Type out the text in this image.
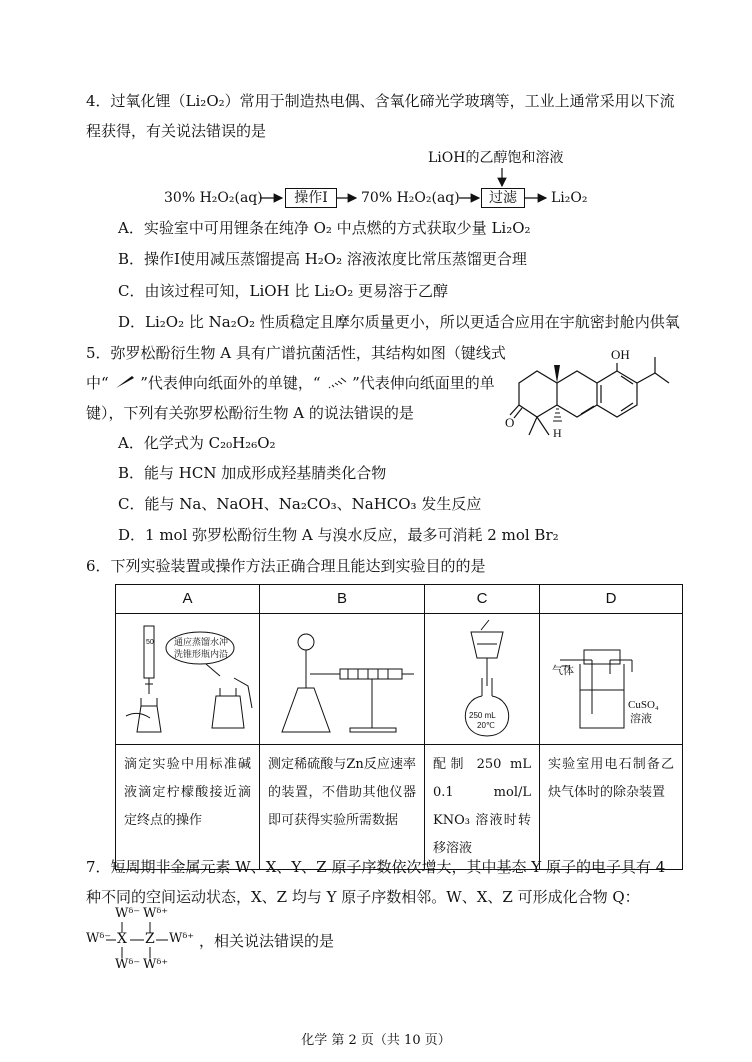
4．过氧化锂（Li₂O₂）常用于制造热电偶、含氧化碲光学玻璃等，工业上通常采用以下流
程获得，有关说法错误的是
LiOH的乙醇饱和溶液
30% H₂O₂(aq)	操作Ⅰ	70% H₂O₂(aq)	过滤	Li₂O₂
A．实验室中可用锂条在纯净 O₂ 中点燃的方式获取少量 Li₂O₂
B．操作Ⅰ使用减压蒸馏提高 H₂O₂ 溶液浓度比常压蒸馏更合理
C．由该过程可知，LiOH 比 Li₂O₂ 更易溶于乙醇
D．Li₂O₂ 比 Na₂O₂ 性质稳定且摩尔质量更小，所以更适合应用在宇航密封舱内供氧
5．弥罗松酚衍生物 A 具有广谱抗菌活性，其结构如图（键线式
中“ ”代表伸向纸面外的单键，“ ”代表伸向纸面里的单
键），下列有关弥罗松酚衍生物 A 的说法错误的是
OH
O
H
A．化学式为 C₂₀H₂₆O₂
B．能与 HCN 加成形成羟基腈类化合物
C．能与 Na、NaOH、Na₂CO₃、NaHCO₃ 发生反应
D．1 mol 弥罗松酚衍生物 A 与溴水反应，最多可消耗 2 mol Br₂
6．下列实验装置或操作方法正确合理且能达到实验目的的是
A	B	C	D

50 通应蒸馏水冲
洗锥形瓶内沿		250 mL
20℃	气体
CuSO₄
溶液

滴定实验中用标准碱液滴定柠檬酸接近滴定终点的操作	测定稀硫酸与Zn反应速率的装置，不借助其他仪器即可获得实验所需数据	配制 250 mL 0.1 mol/L KNO₃ 溶液时转移溶液	实验室用电石制备乙炔气体时的除杂装置
7．短周期非金属元素 W、X、Y、Z 原子序数依次增大，其中基态 Y 原子的电子具有 4
种不同的空间运动状态，X、Z 均与 Y 原子序数相邻。W、X、Z 可形成化合物 Q：
Wᵟ⁻ Wᵟ⁺
Wᵟ⁻ X Z Wᵟ⁺
Wᵟ⁻ Wᵟ⁺
，相关说法错误的是
化学 第 2 页（共 10 页）
